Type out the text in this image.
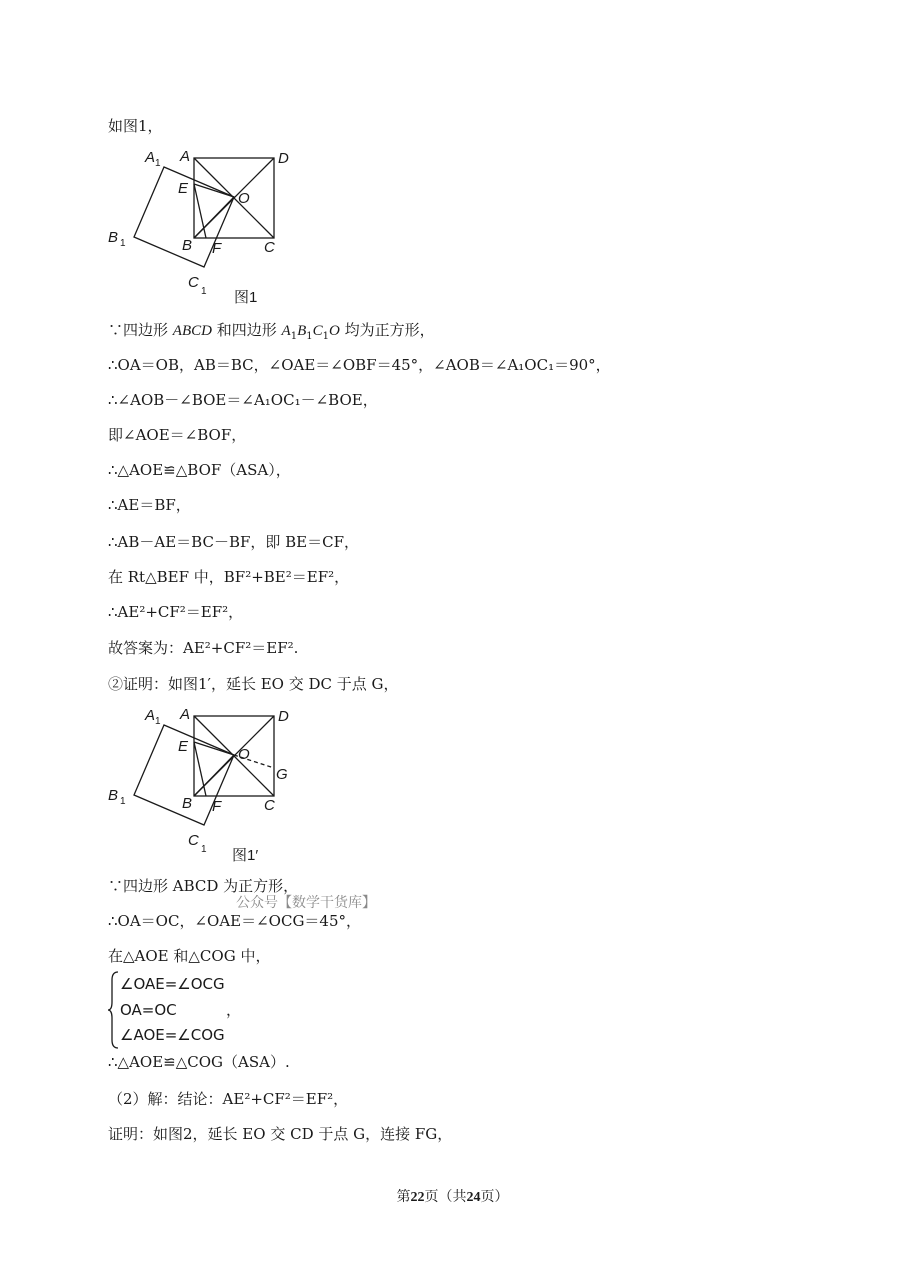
如图1，
A 1 A	D
E
O
B 1	B F	C
C
1 图1
∵四边形 ABCD 和四边形 $A_1B_1C_1O$ 均为正方形，
∴OA＝OB，AB＝BC，∠OAE＝∠OBF＝45°，∠AOB＝∠A₁OC₁＝90°，
∴∠AOB－∠BOE＝∠A₁OC₁－∠BOE，
即∠AOE＝∠BOF，
∴△AOE≌△BOF（ASA），
∴AE＝BF，
∴AB－AE＝BC－BF，即 BE＝CF，
在 Rt△BEF 中，BF²+BE²＝EF²，
∴AE²+CF²＝EF²，
故答案为：AE²+CF²＝EF².
②证明：如图1′，延长 EO 交 DC 于点 G，
A 1 A	D
E	O
G
B 1	B F	C
C
1 图1′
∵四边形 ABCD 为正方形，
公众号【数学干货库】
∴OA＝OC，∠OAE＝∠OCG＝45°，
在△AOE 和△COG 中，
∠OAE=∠OCG
OA=OC
∠AOE=∠COG
，
∴△AOE≌△COG（ASA）.
（2）解：结论：AE²+CF²＝EF²，
证明：如图2，延长 EO 交 CD 于点 G，连接 FG，
第22页（共24页）
